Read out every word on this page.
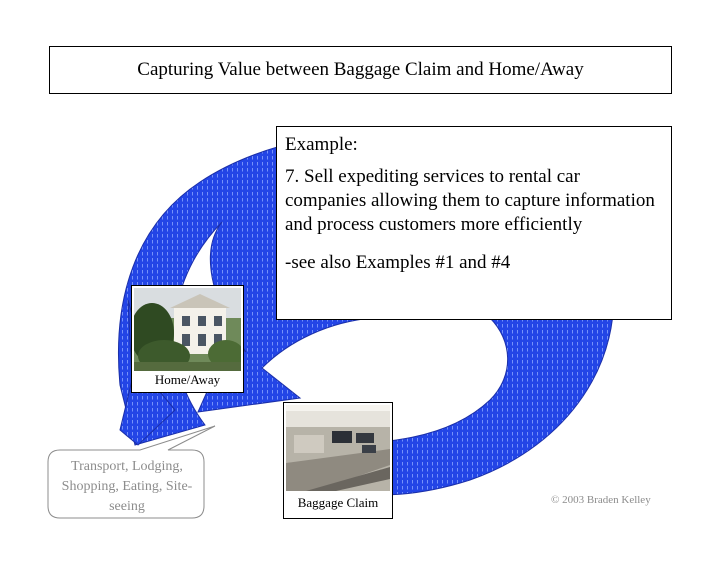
Capturing Value between Baggage Claim and Home/Away

Example:

7. Sell expediting services to rental car companies allowing them to capture information and process customers more efficiently

-see also Examples #1 and #4

Home/Away
Baggage Claim
Transport, Lodging, Shopping, Eating, Site-seeing	© 2003 Braden Kelley
